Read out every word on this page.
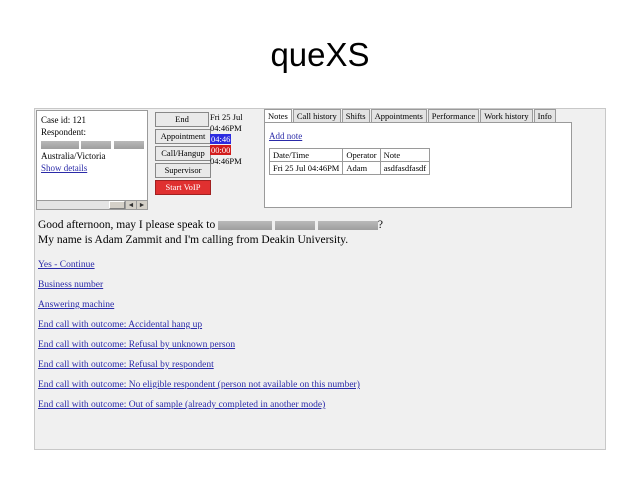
queXS
Case id: 121
Respondent:

Australia/Victoria
Show details
◄ ►
End
Appointment
Call/Hangup
Supervisor
Start VoIP
Fri 25 Jul
04:46PM
04:46
00:00
04:46PM
Notes	Call history	Shifts	Appointments	Performance	Work history	Info
Add note
Date/Time	Operator	Note
Fri 25 Jul 04:46PM	Adam	asdfasdfasdf

Good afternoon, may I please speak to	?

My name is Adam Zammit and I'm calling from Deakin University.

Yes - Continue
Business number
Answering machine
End call with outcome: Accidental hang up
End call with outcome: Refusal by unknown person
End call with outcome: Refusal by respondent
End call with outcome: No eligible respondent (person not available on this number)
End call with outcome: Out of sample (already completed in another mode)
